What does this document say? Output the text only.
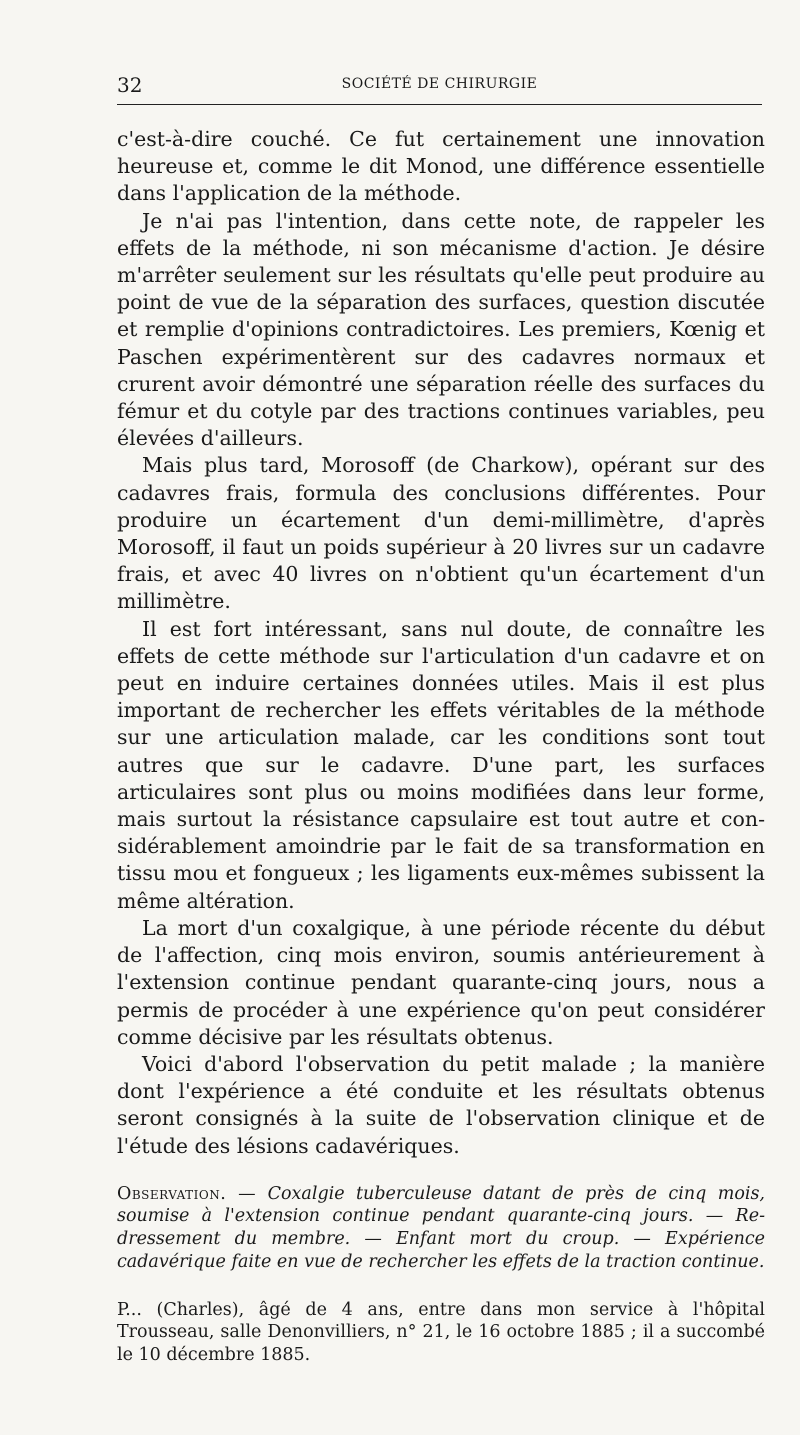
32	SOCIÉTÉ DE CHIRURGIE

c'est-à-dire couché. Ce fut certainement une innovation heureuse et, comme le dit Monod, une différence essentielle dans l'application de la méthode.

Je n'ai pas l'intention, dans cette note, de rappeler les effets de la méthode, ni son mécanisme d'action. Je désire m'arrêter seulement sur les résultats qu'elle peut produire au point de vue de la séparation des surfaces, question discutée et remplie d'opinions contradictoires. Les premiers, Kœnig et Paschen expérimentèrent sur des cadavres normaux et crurent avoir démontré une séparation réelle des surfaces du fémur et du cotyle par des tractions continues variables, peu élevées d'ailleurs.

Mais plus tard, Morosoff (de Charkow), opérant sur des cadavres frais, formula des conclusions différentes. Pour produire un écartement d'un demi-millimètre, d'après Morosoff, il faut un poids supérieur à 20 livres sur un cadavre frais, et avec 40 livres on n'obtient qu'un écartement d'un millimètre.

Il est fort intéressant, sans nul doute, de connaître les effets de cette méthode sur l'articulation d'un cadavre et on peut en induire certaines données utiles. Mais il est plus important de rechercher les effets véritables de la méthode sur une articulation malade, car les conditions sont tout autres que sur le cadavre. D'une part, les surfaces articulaires sont plus ou moins modifiées dans leur forme, mais surtout la résistance capsulaire est tout autre et considérablement amoindrie par le fait de sa transformation en tissu mou et fongueux ; les ligaments eux-mêmes subissent la même altération.

La mort d'un coxalgique, à une période récente du début de l'affection, cinq mois environ, soumis antérieurement à l'extension continue pendant quarante-cinq jours, nous a permis de procéder à une expérience qu'on peut considérer comme décisive par les résultats obtenus.

Voici d'abord l'observation du petit malade ; la manière dont l'expérience a été conduite et les résultats obtenus seront consignés à la suite de l'observation clinique et de l'étude des lésions cadavériques.

Observation. — Coxalgie tuberculeuse datant de près de cinq mois, soumise à l'extension continue pendant quarante-cinq jours. — Redressement du membre. — Enfant mort du croup. — Expérience cadavérique faite en vue de rechercher les effets de la traction continue.

P... (Charles), âgé de 4 ans, entre dans mon service à l'hôpital Trousseau, salle Denonvilliers, n° 21, le 16 octobre 1885 ; il a succombé le 10 décembre 1885.
